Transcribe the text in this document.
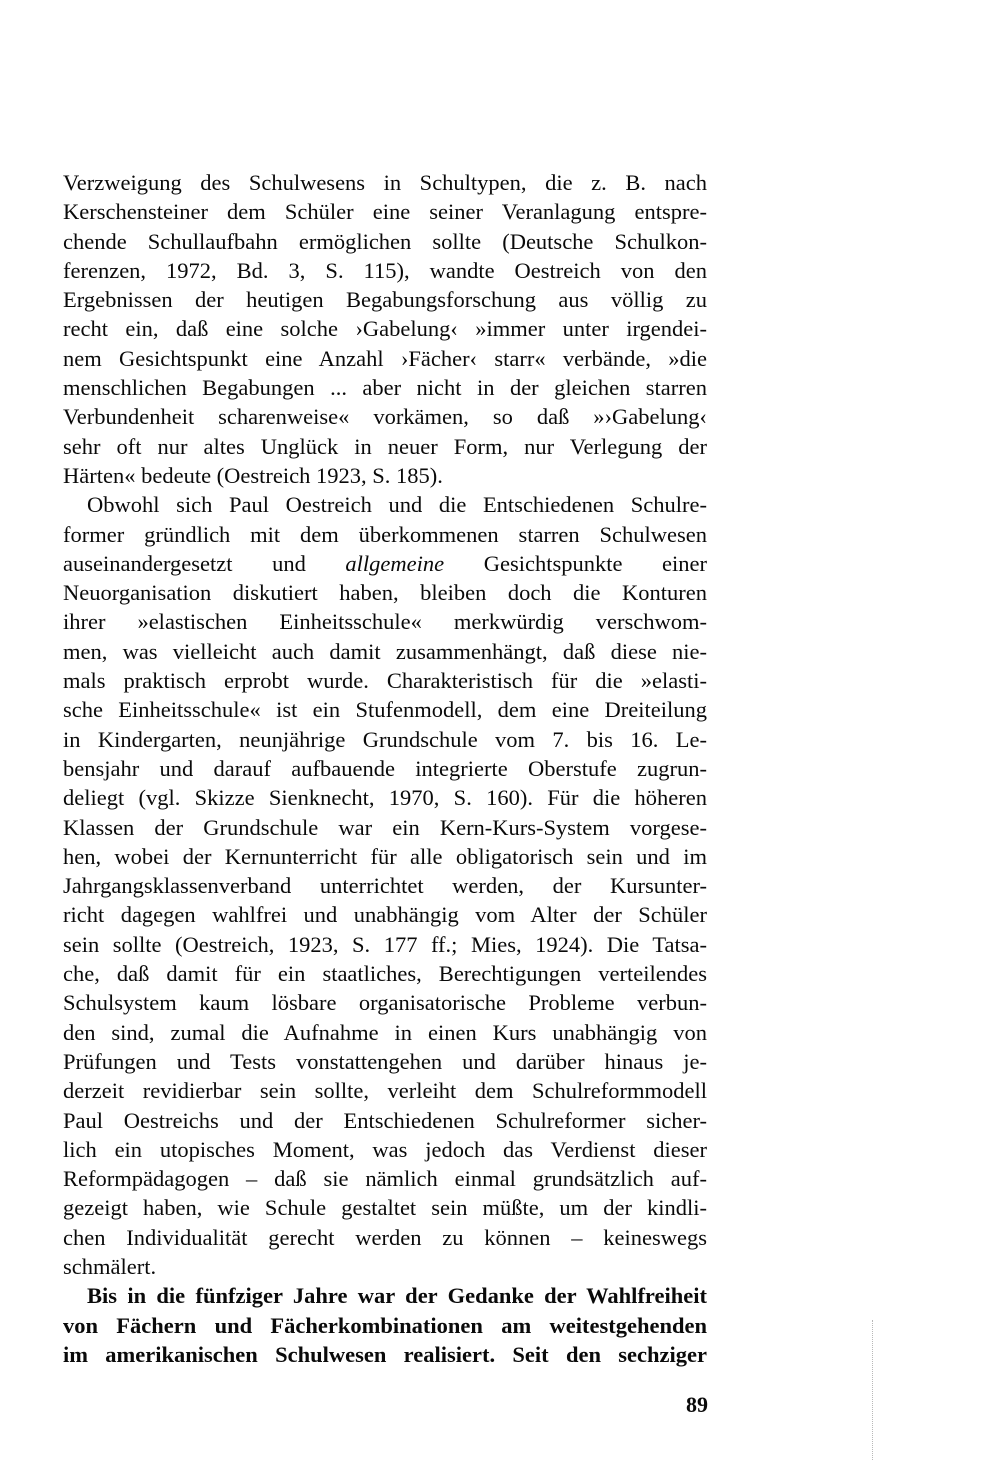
Verzweigung des Schulwesens in Schultypen, die z. B. nach
Kerschensteiner dem Schüler eine seiner Veranlagung entspre-
chende Schullaufbahn ermöglichen sollte (Deutsche Schulkon-
ferenzen, 1972, Bd. 3, S. 115), wandte Oestreich von den
Ergebnissen der heutigen Begabungsforschung aus völlig zu
recht ein, daß eine solche ›Gabelung‹ »immer unter irgendei-
nem Gesichtspunkt eine Anzahl ›Fächer‹ starr« verbände, »die
menschlichen Begabungen ... aber nicht in der gleichen starren
Verbundenheit scharenweise« vorkämen, so daß »›Gabelung‹
sehr oft nur altes Unglück in neuer Form, nur Verlegung der
Härten« bedeute (Oestreich 1923, S. 185).
Obwohl sich Paul Oestreich und die Entschiedenen Schulre-
former gründlich mit dem überkommenen starren Schulwesen
auseinandergesetzt und allgemeine Gesichtspunkte einer
Neuorganisation diskutiert haben, bleiben doch die Konturen
ihrer »elastischen Einheitsschule« merkwürdig verschwom-
men, was vielleicht auch damit zusammenhängt, daß diese nie-
mals praktisch erprobt wurde. Charakteristisch für die »elasti-
sche Einheitsschule« ist ein Stufenmodell, dem eine Dreiteilung
in Kindergarten, neunjährige Grundschule vom 7. bis 16. Le-
bensjahr und darauf aufbauende integrierte Oberstufe zugrun-
deliegt (vgl. Skizze Sienknecht, 1970, S. 160). Für die höheren
Klassen der Grundschule war ein Kern-Kurs-System vorgese-
hen, wobei der Kernunterricht für alle obligatorisch sein und im
Jahrgangsklassenverband unterrichtet werden, der Kursunter-
richt dagegen wahlfrei und unabhängig vom Alter der Schüler
sein sollte (Oestreich, 1923, S. 177 ff.; Mies, 1924). Die Tatsa-
che, daß damit für ein staatliches, Berechtigungen verteilendes
Schulsystem kaum lösbare organisatorische Probleme verbun-
den sind, zumal die Aufnahme in einen Kurs unabhängig von
Prüfungen und Tests vonstattengehen und darüber hinaus je-
derzeit revidierbar sein sollte, verleiht dem Schulreformmodell
Paul Oestreichs und der Entschiedenen Schulreformer sicher-
lich ein utopisches Moment, was jedoch das Verdienst dieser
Reformpädagogen – daß sie nämlich einmal grundsätzlich auf-
gezeigt haben, wie Schule gestaltet sein müßte, um der kindli-
chen Individualität gerecht werden zu können – keineswegs
schmälert.
Bis in die fünfziger Jahre war der Gedanke der Wahlfreiheit
von Fächern und Fächerkombinationen am weitestgehenden
im amerikanischen Schulwesen realisiert. Seit den sechziger
89
